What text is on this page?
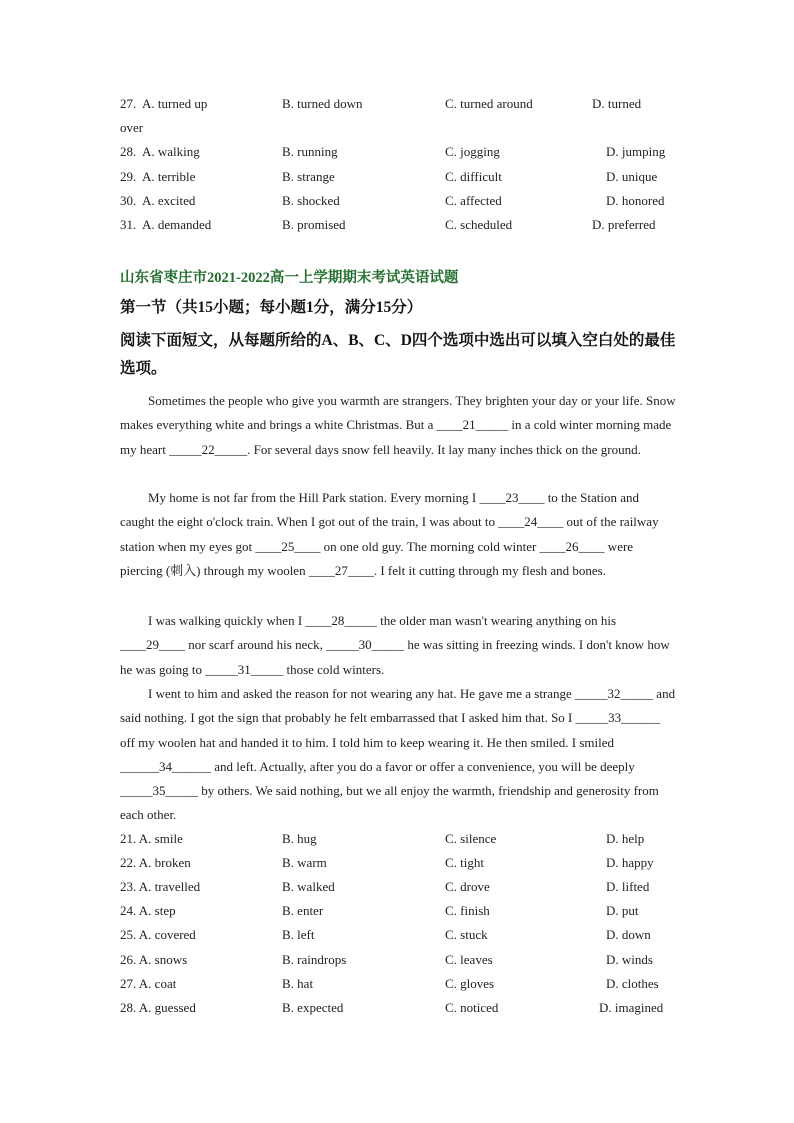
27. A. turned up	B. turned down	C. turned around	D. turned
over
28. A. walking	B. running	C. jogging	D. jumping
29. A. terrible	B. strange	C. difficult	D. unique
30. A. excited	B. shocked	C. affected	D. honored
31. A. demanded	B. promised	C. scheduled	D. preferred
山东省枣庄市2021-2022高一上学期期末考试英语试题
第一节（共15小题；每小题1分，满分15分）
阅读下面短文，从每题所给的A、B、C、D四个选项中选出可以填入空白处的最佳选项。
Sometimes the people who give you warmth are strangers. They brighten your day or your life. Snow makes everything white and brings a white Christmas. But a ____21_____ in a cold winter morning made my heart _____22_____. For several days snow fell heavily. It lay many inches thick on the ground.
My home is not far from the Hill Park station. Every morning I ____23____ to the Station and caught the eight o'clock train. When I got out of the train, I was about to ____24____ out of the railway station when my eyes got ____25____ on one old guy. The morning cold winter ____26____ were piercing (刺入) through my woolen ____27____. I felt it cutting through my flesh and bones.
I was walking quickly when I ____28_____ the older man wasn't wearing anything on his ____29____ nor scarf around his neck, _____30_____ he was sitting in freezing winds. I don't know how he was going to _____31_____ those cold winters.
I went to him and asked the reason for not wearing any hat. He gave me a strange _____32_____ and said nothing. I got the sign that probably he felt embarrassed that I asked him that. So I _____33______ off my woolen hat and handed it to him. I told him to keep wearing it. He then smiled. I smiled ______34______ and left. Actually, after you do a favor or offer a convenience, you will be deeply _____35_____ by others. We said nothing, but we all enjoy the warmth, friendship and generosity from each other.
21. A. smile	B. hug	C. silence	D. help
22. A. broken	B. warm	C. tight	D. happy
23. A. travelled	B. walked	C. drove	D. lifted
24. A. step	B. enter	C. finish	D. put
25. A. covered	B. left	C. stuck	D. down
26. A. snows	B. raindrops	C. leaves	D. winds
27. A. coat	B. hat	C. gloves	D. clothes
28. A. guessed	B. expected	C. noticed	D. imagined
